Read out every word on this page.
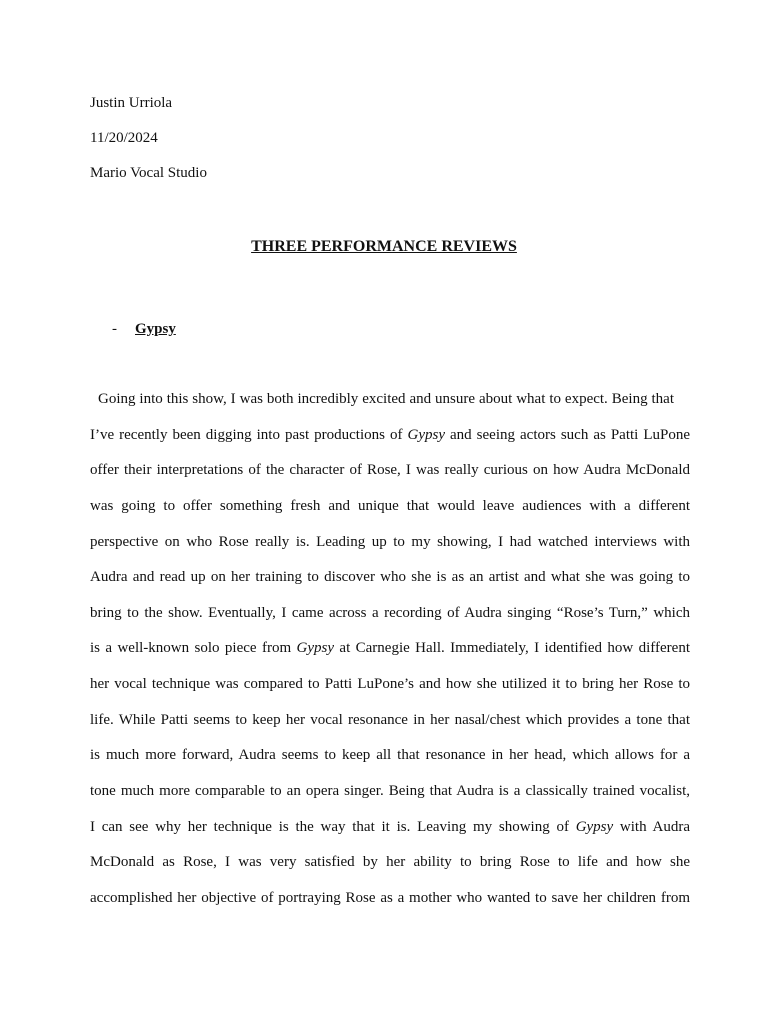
Justin Urriola
11/20/2024
Mario Vocal Studio
THREE PERFORMANCE REVIEWS
- Gypsy
Going into this show, I was both incredibly excited and unsure about what to expect. Being that
I’ve recently been digging into past productions of Gypsy and seeing actors such as Patti LuPone
offer their interpretations of the character of Rose, I was really curious on how Audra McDonald
was going to offer something fresh and unique that would leave audiences with a different
perspective on who Rose really is. Leading up to my showing, I had watched interviews with
Audra and read up on her training to discover who she is as an artist and what she was going to
bring to the show. Eventually, I came across a recording of Audra singing “Rose’s Turn,” which
is a well-known solo piece from Gypsy at Carnegie Hall. Immediately, I identified how different
her vocal technique was compared to Patti LuPone’s and how she utilized it to bring her Rose to
life. While Patti seems to keep her vocal resonance in her nasal/chest which provides a tone that
is much more forward, Audra seems to keep all that resonance in her head, which allows for a
tone much more comparable to an opera singer. Being that Audra is a classically trained vocalist,
I can see why her technique is the way that it is. Leaving my showing of Gypsy with Audra
McDonald as Rose, I was very satisfied by her ability to bring Rose to life and how she
accomplished her objective of portraying Rose as a mother who wanted to save her children from
